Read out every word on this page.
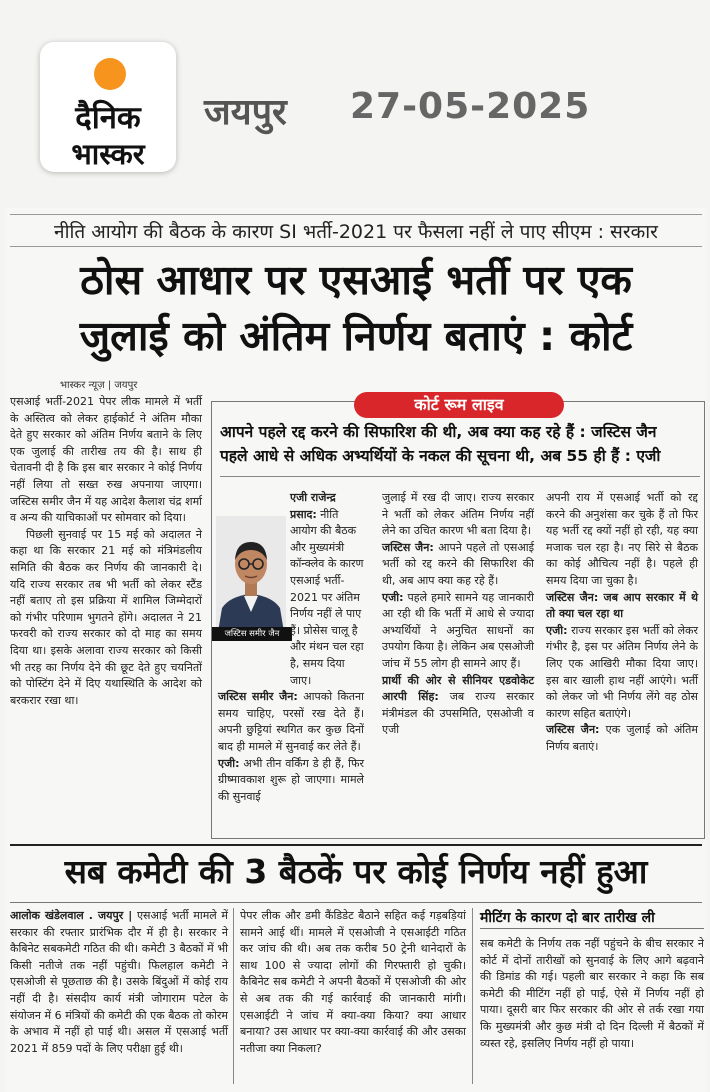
दैनिक
भास्कर
जयपुर 27-05-2025
नीति आयोग की बैठक के कारण SI भर्ती-2021 पर फैसला नहीं ले पाए सीएम : सरकार
ठोस आधार पर एसआई भर्ती पर एक
जुलाई को अंतिम निर्णय बताएं : कोर्ट
भास्कर न्यूज़ | जयपुर

एसआई भर्ती-2021 पेपर लीक मामले में भर्ती के अस्तित्व को लेकर हाईकोर्ट ने अंतिम मौका देते हुए सरकार को अंतिम निर्णय बताने के लिए एक जुलाई की तारीख तय की है। साथ ही चेतावनी दी है कि इस बार सरकार ने कोई निर्णय नहीं लिया तो सख्त रुख अपनाया जाएगा। जस्टिस समीर जैन में यह आदेश कैलाश चंद्र शर्मा व अन्य की याचिकाओं पर सोमवार को दिया।

पिछली सुनवाई पर 15 मई को अदालत ने कहा था कि सरकार 21 मई को मंत्रिमंडलीय समिति की बैठक कर निर्णय की जानकारी दे। यदि राज्य सरकार तब भी भर्ती को लेकर स्टैंड नहीं बताए तो इस प्रक्रिया में शामिल जिम्मेदारों को गंभीर परिणाम भुगतने होंगे। अदालत ने 21 फरवरी को राज्य सरकार को दो माह का समय दिया था। इसके अलावा राज्य सरकार को किसी भी तरह का निर्णय देने की छूट देते हुए चयनितों को पोस्टिंग देने में दिए यथास्थिति के आदेश को बरकरार रखा था।

कोर्ट रूम लाइव
आपने पहले रद्द करने की सिफारिश की थी, अब क्या कह रहे हैं : जस्टिस जैन
पहले आधे से अधिक अभ्यर्थियों के नकल की सूचना थी, अब 55 ही हैं : एजी
जस्टिस समीर जैन

एजी राजेन्द्र प्रसाद: नीति आयोग की बैठक और मुख्यमंत्री कॉन्क्लेव के कारण एसआई भर्ती- 2021 पर अंतिम निर्णय नहीं ले पाए हैं। प्रोसेस चालू है और मंथन चल रहा है, समय दिया जाए।

जस्टिस समीर जैन: आपको कितना समय चाहिए, परसों रख देते हैं। अपनी छुट्टियां स्थगित कर कुछ दिनों बाद ही मामले में सुनवाई कर लेते हैं।

एजी: अभी तीन वर्किंग डे ही हैं, फिर ग्रीष्मावकाश शुरू हो जाएगा। मामले की सुनवाई

जुलाई में रख दी जाए। राज्य सरकार ने भर्ती को लेकर अंतिम निर्णय नहीं लेने का उचित कारण भी बता दिया है।

जस्टिस जैन: आपने पहले तो एसआई भर्ती को रद्द करने की सिफारिश की थी, अब आप क्या कह रहे हैं।

एजी: पहले हमारे सामने यह जानकारी आ रही थी कि भर्ती में आधे से ज्यादा अभ्यर्थियों ने अनुचित साधनों का उपयोग किया है। लेकिन अब एसओजी जांच में 55 लोग ही सामने आए हैं।

प्रार्थी की ओर से सीनियर एडवोकेट आरपी सिंह: जब राज्य सरकार मंत्रीमंडल की उपसमिति, एसओजी व एजी

अपनी राय में एसआई भर्ती को रद्द करने की अनुशंसा कर चुके हैं तो फिर यह भर्ती रद्द क्यों नहीं हो रही, यह क्या मजाक चल रहा है। नए सिरे से बैठक का कोई औचित्य नहीं है। पहले ही समय दिया जा चुका है।

जस्टिस जैन: जब आप सरकार में थे तो क्या चल रहा था

एजी: राज्य सरकार इस भर्ती को लेकर गंभीर है, इस पर अंतिम निर्णय लेने के लिए एक आखिरी मौका दिया जाए। इस बार खाली हाथ नहीं आएंगे। भर्ती को लेकर जो भी निर्णय लेंगे वह ठोस कारण सहित बताएंगे।

जस्टिस जैन: एक जुलाई को अंतिम निर्णय बताएं।

सब कमेटी की 3 बैठकें पर कोई निर्णय नहीं हुआ

आलोक खंडेलवाल . जयपुर | एसआई भर्ती मामले में सरकार की रफ्तार प्रारंभिक दौर में ही है। सरकार ने कैबिनेट सबकमेटी गठित की थी। कमेटी 3 बैठकों में भी किसी नतीजे तक नहीं पहुंची। फिलहाल कमेटी ने एसओजी से पूछताछ की है। उसके बिंदुओं में कोई राय नहीं दी है। संसदीय कार्य मंत्री जोगाराम पटेल के संयोजन में 6 मंत्रियों की कमेटी की एक बैठक तो कोरम के अभाव में नहीं हो पाई थी। असल में एसआई भर्ती 2021 में 859 पदों के लिए परीक्षा हुई थी।

पेपर लीक और डमी कैंडिडेट बैठाने सहित कई गड़बड़ियां सामने आई थीं। मामले में एसओजी ने एसआईटी गठित कर जांच की थी। अब तक करीब 50 ट्रेनी थानेदारों के साथ 100 से ज्यादा लोगों की गिरफ्तारी हो चुकी। कैबिनेट सब कमेटी ने अपनी बैठकों में एसओजी की ओर से अब तक की गई कार्रवाई की जानकारी मांगी। एसआईटी ने जांच में क्या-क्या किया? क्या आधार बनाया? उस आधार पर क्या-क्या कार्रवाई की और उसका नतीजा क्या निकला?

मीटिंग के कारण दो बार तारीख ली

सब कमेटी के निर्णय तक नहीं पहुंचने के बीच सरकार ने कोर्ट में दोनों तारीखों को सुनवाई के लिए आगे बढ़वाने की डिमांड की गई। पहली बार सरकार ने कहा कि सब कमेटी की मीटिंग नहीं हो पाई, ऐसे में निर्णय नहीं हो पाया। दूसरी बार फिर सरकार की ओर से तर्क रखा गया कि मुख्यमंत्री और कुछ मंत्री दो दिन दिल्ली में बैठकों में व्यस्त रहे, इसलिए निर्णय नहीं हो पाया।
